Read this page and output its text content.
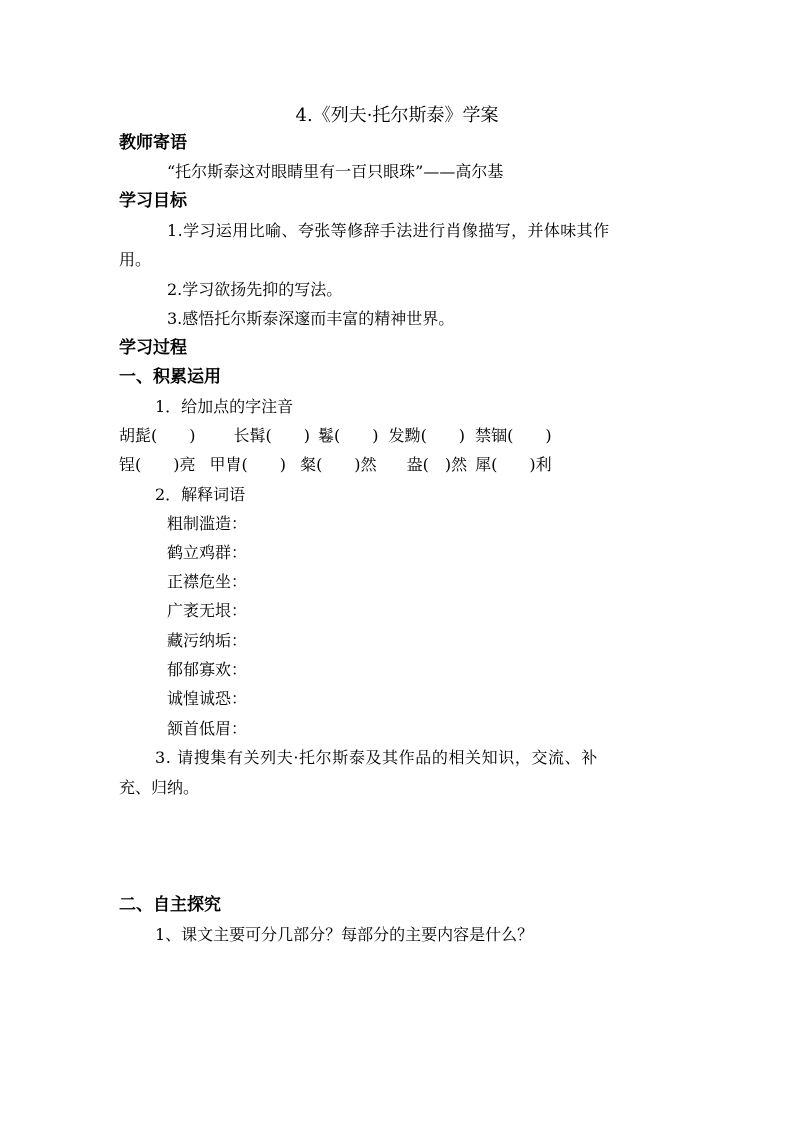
4.《列夫·托尔斯泰》学案
教师寄语
“托尔斯泰这对眼睛里有一百只眼珠”——高尔基
学习目标
1.学习运用比喻、夸张等修辞手法进行肖像描写，并体味其作
用。
2.学习欲扬先抑的写法。
3.感悟托尔斯泰深邃而丰富的精神世界。
学习过程
一、积累运用
1．给加点的字注音
胡髭(　　) 长髯(　　) 鬈(　　) 发黝(　　) 禁锢(　　)
锃(　　)亮 甲胄(　　) 粲(　　)然 盎(　)然 犀(　　)利
2．解释词语
粗制滥造：
鹤立鸡群：
正襟危坐：
广袤无垠：
藏污纳垢：
郁郁寡欢：
诚惶诚恐：
颔首低眉：
3. 请搜集有关列夫·托尔斯泰及其作品的相关知识，交流、补
充、归纳。
二、自主探究
1、课文主要可分几部分？每部分的主要内容是什么？
